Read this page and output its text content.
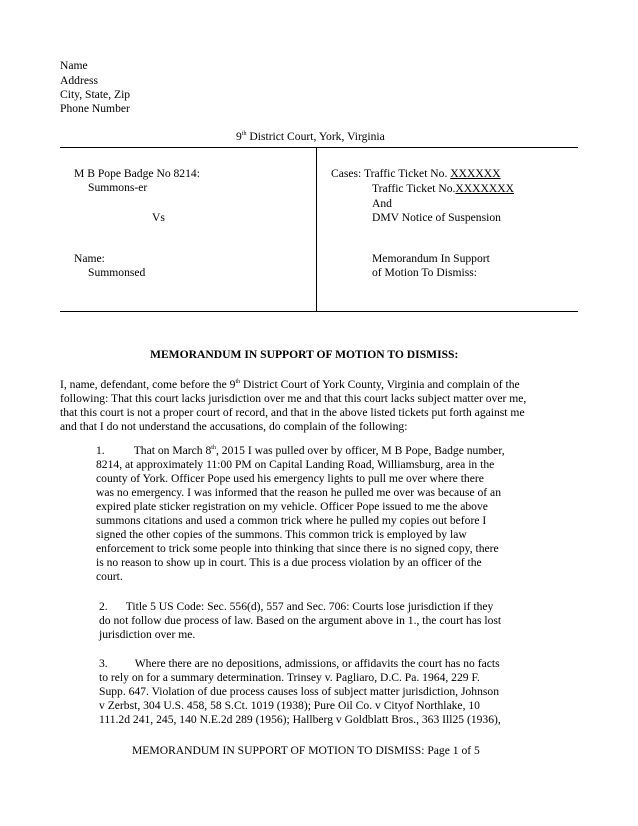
Name
Address
City, State, Zip
Phone Number
9th District Court, York, Virginia
M B Pope Badge No 8214:
Summons-er
Vs
Name:
Summonsed
Cases: Traffic Ticket No. XXXXXX
Traffic Ticket No.XXXXXXX
And
DMV Notice of Suspension
Memorandum In Support
of Motion To Dismiss:
MEMORANDUM IN SUPPORT OF MOTION TO DISMISS:
I, name, defendant, come before the 9th District Court of York County, Virginia and complain of the
following: That this court lacks jurisdiction over me and that this court lacks subject matter over me,
that this court is not a proper court of record, and that in the above listed tickets put forth against me
and that I do not understand the accusations, do complain of the following:
1.	That on March 8th, 2015 I was pulled over by officer, M B Pope, Badge number,
8214, at approximately 11:00 PM on Capital Landing Road, Williamsburg, area in the
county of York. Officer Pope used his emergency lights to pull me over where there
was no emergency. I was informed that the reason he pulled me over was because of an
expired plate sticker registration on my vehicle. Officer Pope issued to me the above
summons citations and used a common trick where he pulled my copies out before I
signed the other copies of the summons. This common trick is employed by law
enforcement to trick some people into thinking that since there is no signed copy, there
is no reason to show up in court. This is a due process violation by an officer of the
court.
2. Title 5 US Code: Sec. 556(d), 557 and Sec. 706: Courts lose jurisdiction if they
do not follow due process of law. Based on the argument above in 1., the court has lost
jurisdiction over me.
3. Where there are no depositions, admissions, or affidavits the court has no facts
to rely on for a summary determination. Trinsey v. Pagliaro, D.C. Pa. 1964, 229 F.
Supp. 647. Violation of due process causes loss of subject matter jurisdiction, Johnson
v Zerbst, 304 U.S. 458, 58 S.Ct. 1019 (1938); Pure Oil Co. v Cityof Northlake, 10
111.2d 241, 245, 140 N.E.2d 289 (1956); Hallberg v Goldblatt Bros., 363 Ill25 (1936),
MEMORANDUM IN SUPPORT OF MOTION TO DISMISS: Page 1 of 5
